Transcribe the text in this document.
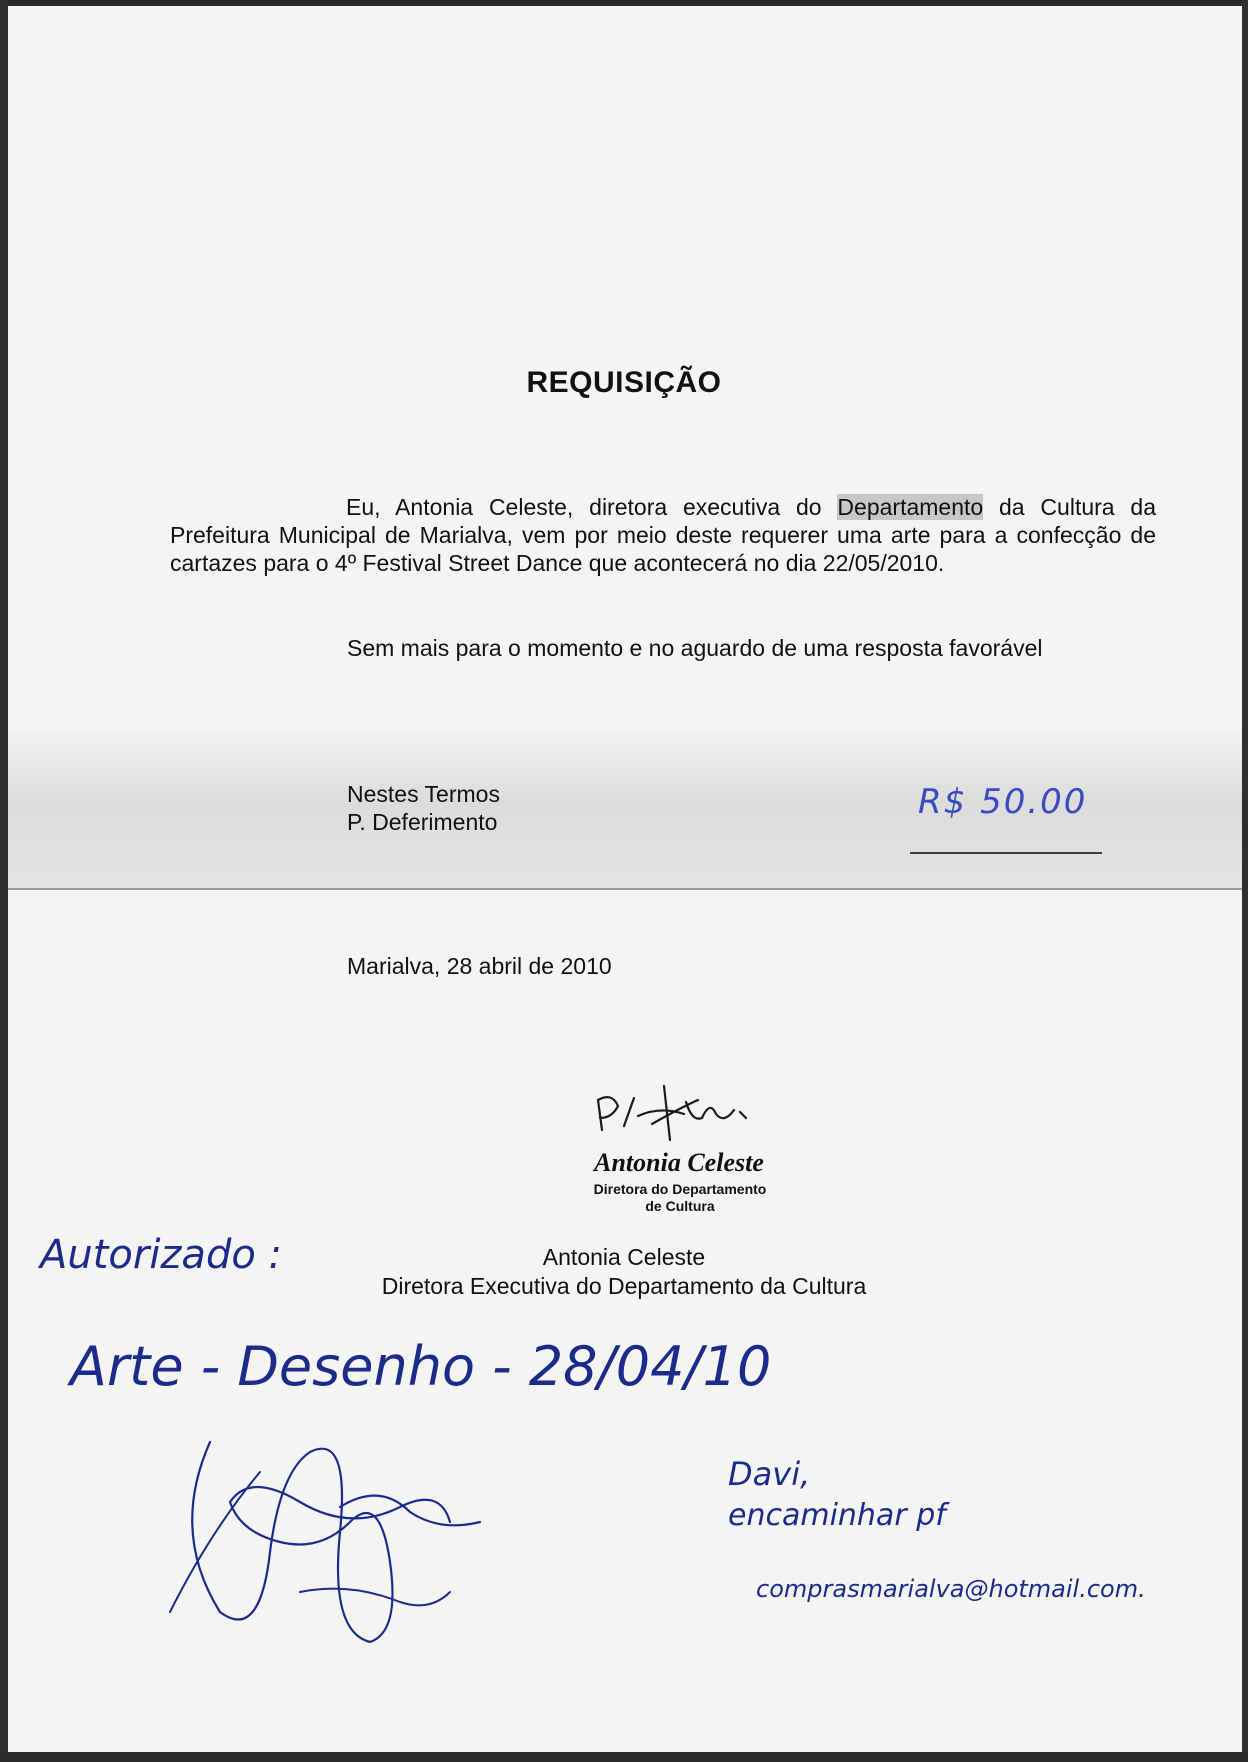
REQUISIÇÃO
Eu, Antonia Celeste, diretora executiva do Departamento da Cultura da Prefeitura Municipal de Marialva, vem por meio deste requerer uma arte para a confecção de cartazes para o 4º Festival Street Dance que acontecerá no dia 22/05/2010.
Sem mais para o momento e no aguardo de uma resposta favorável
Nestes Termos
P. Deferimento	R$ 50.00
Marialva, 28 abril de 2010
Antonia Celeste
Diretora do Departamento
de Cultura
Antonia Celeste
Diretora Executiva do Departamento da Cultura
Autorizado :
Arte - Desenho - 28/04/10
Davi,
encaminhar pf
comprasmarialva@hotmail.com.
